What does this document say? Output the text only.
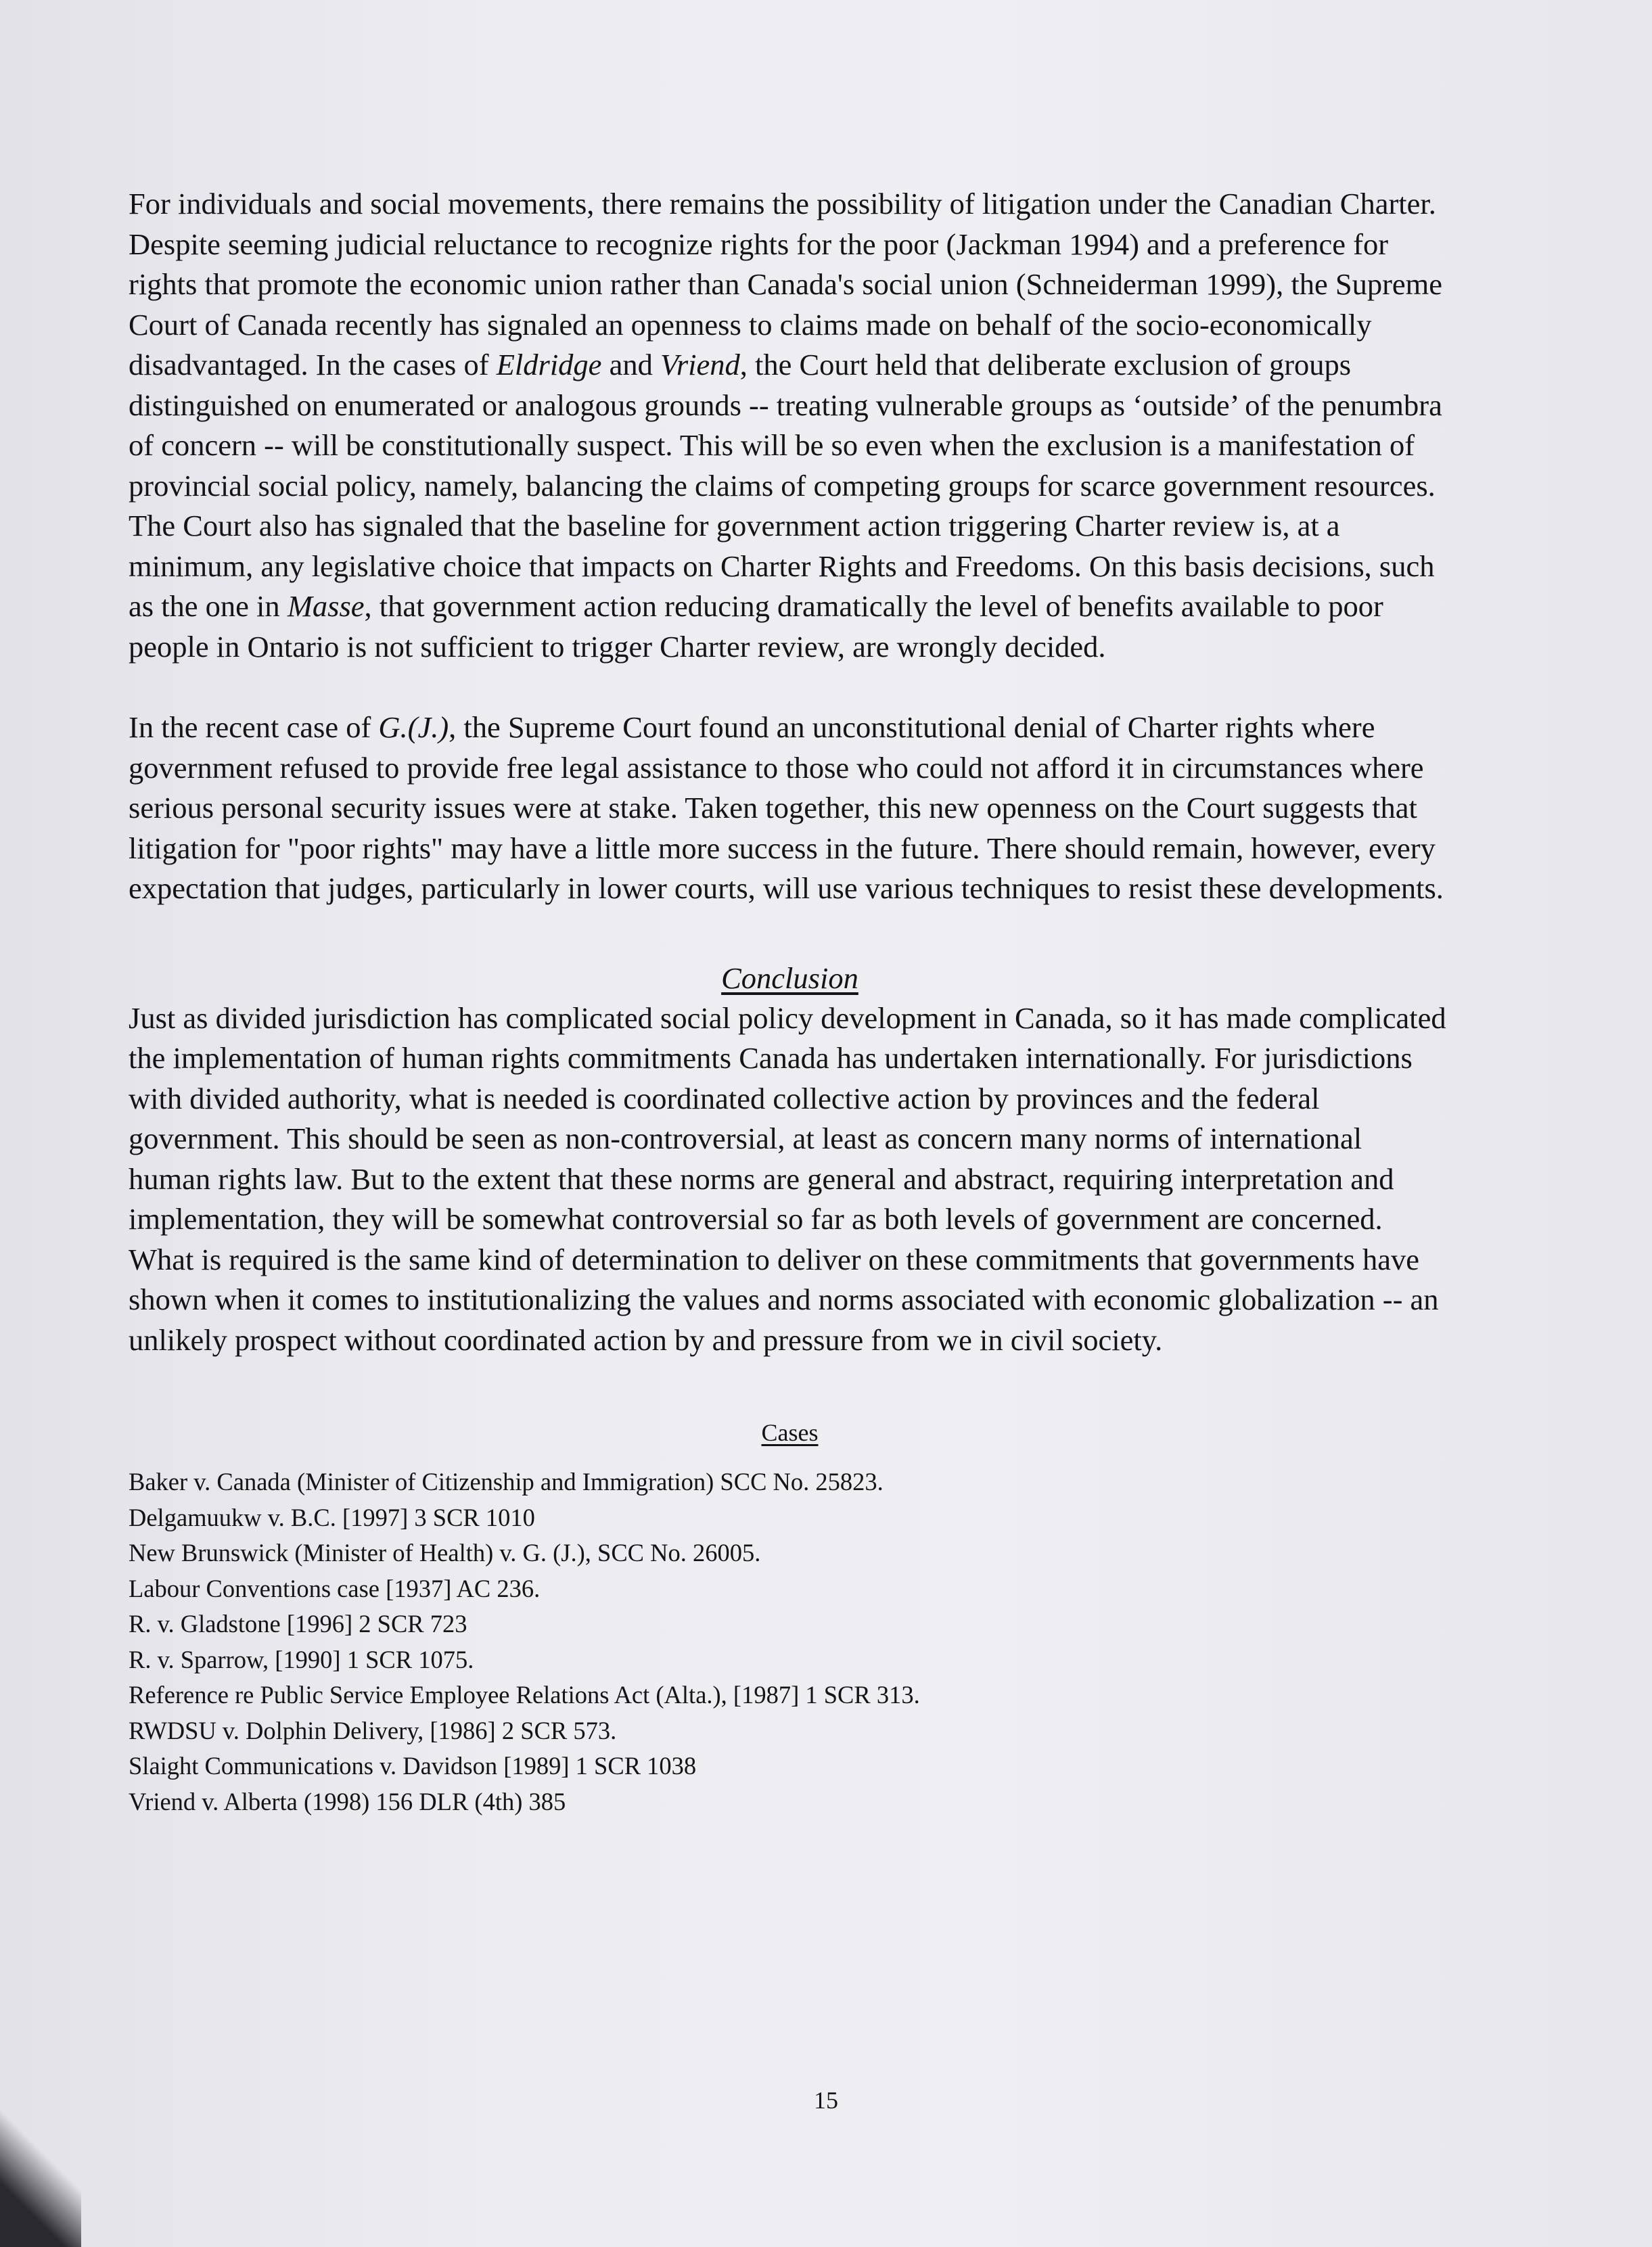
For individuals and social movements, there remains the possibility of litigation under the Canadian Charter. Despite seeming judicial reluctance to recognize rights for the poor (Jackman 1994) and a preference for rights that promote the economic union rather than Canada's social union (Schneiderman 1999), the Supreme Court of Canada recently has signaled an openness to claims made on behalf of the socio-economically disadvantaged. In the cases of Eldridge and Vriend, the Court held that deliberate exclusion of groups distinguished on enumerated or analogous grounds -- treating vulnerable groups as ‘outside’ of the penumbra of concern -- will be constitutionally suspect. This will be so even when the exclusion is a manifestation of provincial social policy, namely, balancing the claims of competing groups for scarce government resources. The Court also has signaled that the baseline for government action triggering Charter review is, at a minimum, any legislative choice that impacts on Charter Rights and Freedoms. On this basis decisions, such as the one in Masse, that government action reducing dramatically the level of benefits available to poor people in Ontario is not sufficient to trigger Charter review, are wrongly decided.

In the recent case of G.(J.), the Supreme Court found an unconstitutional denial of Charter rights where government refused to provide free legal assistance to those who could not afford it in circumstances where serious personal security issues were at stake. Taken together, this new openness on the Court suggests that litigation for "poor rights" may have a little more success in the future. There should remain, however, every expectation that judges, particularly in lower courts, will use various techniques to resist these developments.

Conclusion

Just as divided jurisdiction has complicated social policy development in Canada, so it has made complicated the implementation of human rights commitments Canada has undertaken internationally. For jurisdictions with divided authority, what is needed is coordinated collective action by provinces and the federal government. This should be seen as non-controversial, at least as concern many norms of international human rights law. But to the extent that these norms are general and abstract, requiring interpretation and implementation, they will be somewhat controversial so far as both levels of government are concerned. What is required is the same kind of determination to deliver on these commitments that governments have shown when it comes to institutionalizing the values and norms associated with economic globalization -- an unlikely prospect without coordinated action by and pressure from we in civil society.

Cases
Baker v. Canada (Minister of Citizenship and Immigration) SCC No. 25823.
Delgamuukw v. B.C. [1997] 3 SCR 1010
New Brunswick (Minister of Health) v. G. (J.), SCC No. 26005.
Labour Conventions case [1937] AC 236.
R. v. Gladstone [1996] 2 SCR 723
R. v. Sparrow, [1990] 1 SCR 1075.
Reference re Public Service Employee Relations Act (Alta.), [1987] 1 SCR 313.
RWDSU v. Dolphin Delivery, [1986] 2 SCR 573.
Slaight Communications v. Davidson [1989] 1 SCR 1038
Vriend v. Alberta (1998) 156 DLR (4th) 385
15
